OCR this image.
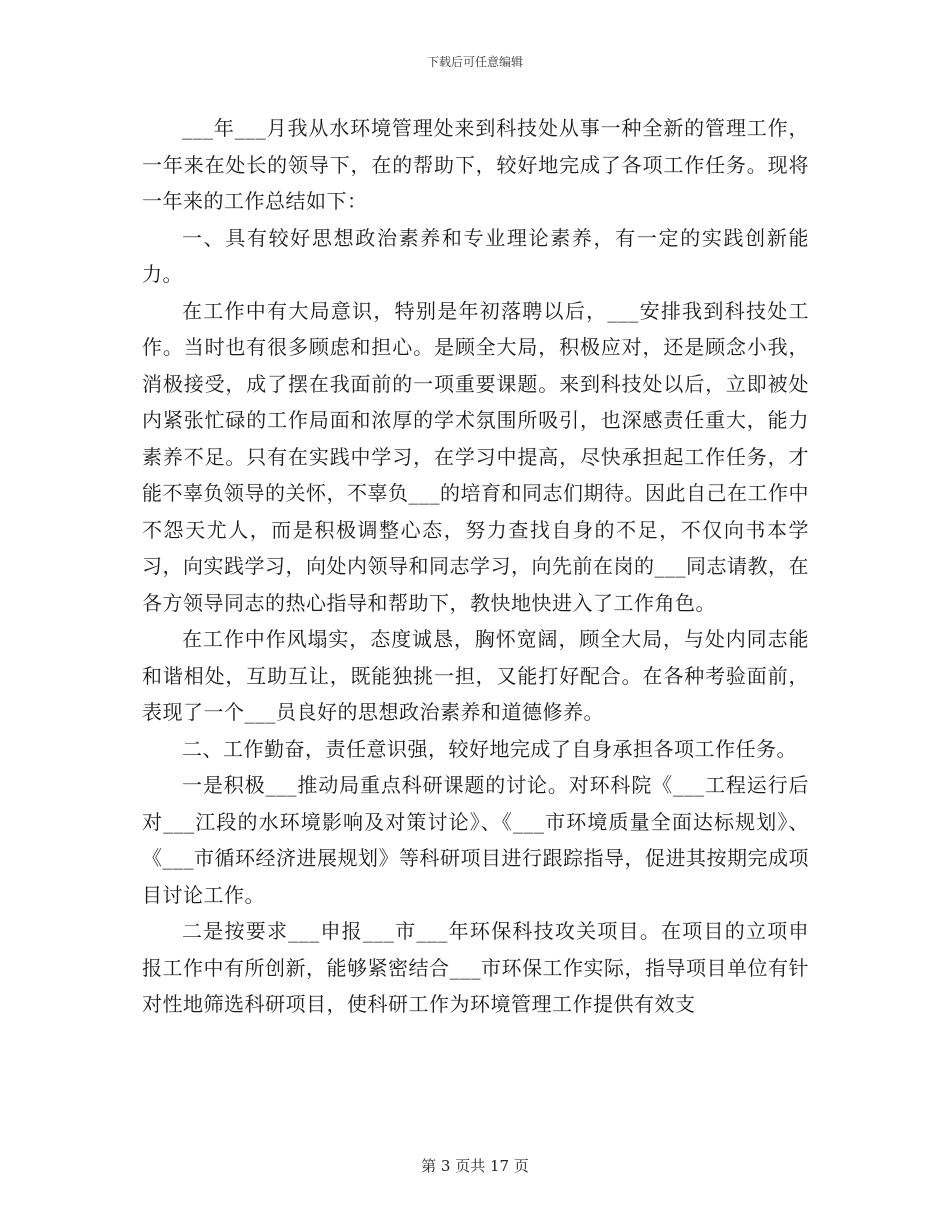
下载后可任意编辑

___年___月我从水环境管理处来到科技处从事一种全新的管理工作，一年来在处长的领导下，在的帮助下，较好地完成了各项工作任务。现将一年来的工作总结如下：

一、具有较好思想政治素养和专业理论素养，有一定的实践创新能力。

在工作中有大局意识，特别是年初落聘以后，___安排我到科技处工作。当时也有很多顾虑和担心。是顾全大局，积极应对，还是顾念小我，消极接受，成了摆在我面前的一项重要课题。来到科技处以后，立即被处内紧张忙碌的工作局面和浓厚的学术氛围所吸引，也深感责任重大，能力素养不足。只有在实践中学习，在学习中提高，尽快承担起工作任务，才能不辜负领导的关怀，不辜负___的培育和同志们期待。因此自己在工作中不怨天尤人，而是积极调整心态，努力查找自身的不足，不仅向书本学习，向实践学习，向处内领导和同志学习，向先前在岗的___同志请教，在各方领导同志的热心指导和帮助下，教快地快进入了工作角色。

在工作中作风塌实，态度诚恳，胸怀宽阔，顾全大局，与处内同志能和谐相处，互助互让，既能独挑一担，又能打好配合。在各种考验面前，表现了一个___员良好的思想政治素养和道德修养。

二、工作勤奋，责任意识强，较好地完成了自身承担各项工作任务。

一是积极___推动局重点科研课题的讨论。对环科院《___工程运行后对___江段的水环境影响及对策讨论》、《___市环境质量全面达标规划》、《___市循环经济进展规划》等科研项目进行跟踪指导，促进其按期完成项目讨论工作。

二是按要求___申报___市___年环保科技攻关项目。在项目的立项申报工作中有所创新，能够紧密结合___市环保工作实际，指导项目单位有针对性地筛选科研项目，使科研工作为环境管理工作提供有效支

第 3 页共 17 页
